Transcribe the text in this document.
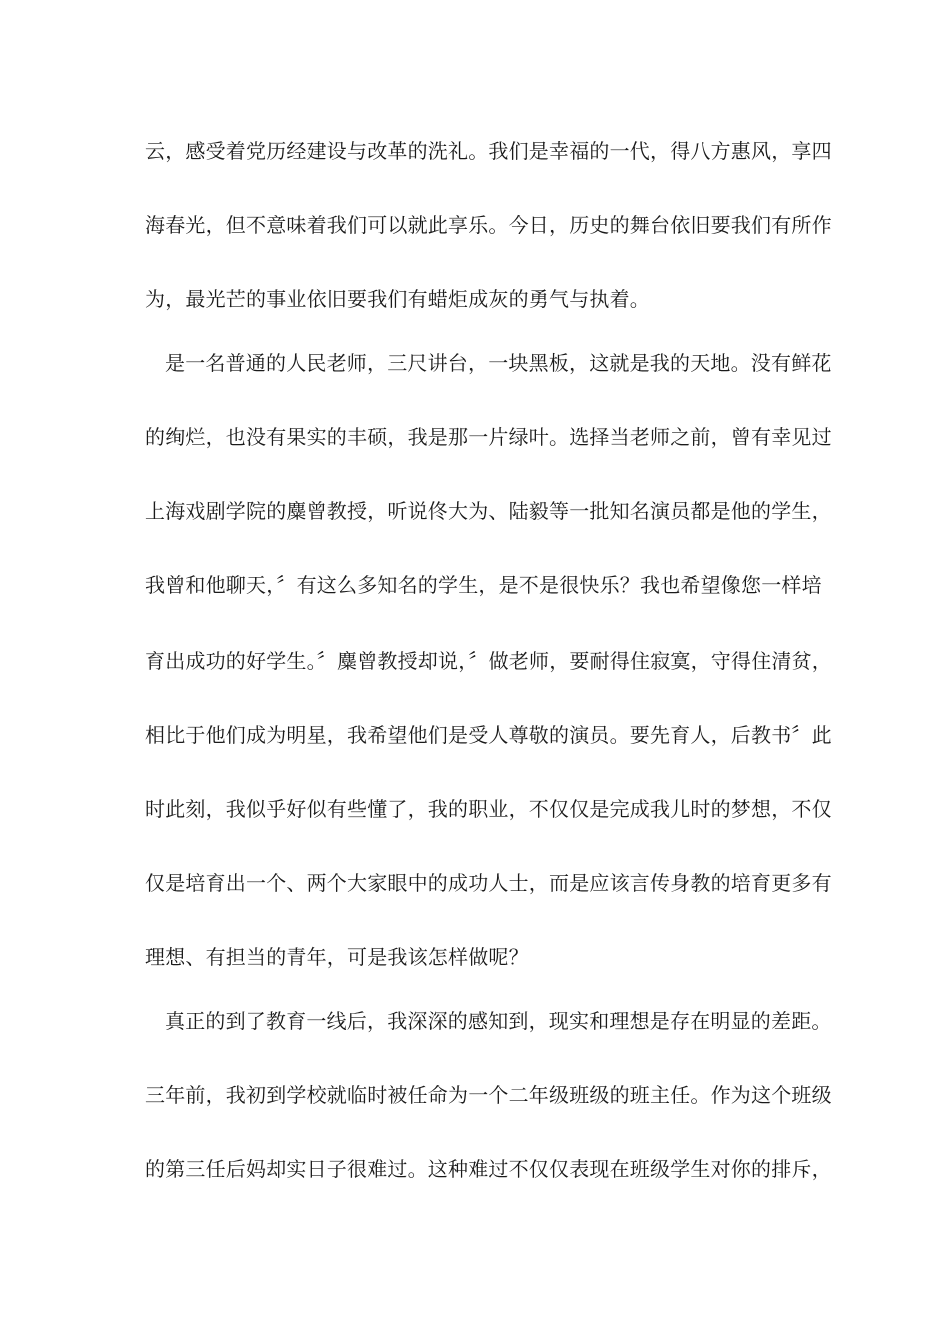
云，感受着党历经建设与改革的洗礼。我们是幸福的一代，得八方惠风，享四
海春光，但不意味着我们可以就此享乐。今日，历史的舞台依旧要我们有所作
为，最光芒的事业依旧要我们有蜡炬成灰的勇气与执着。
是一名普通的人民老师，三尺讲台，一块黑板，这就是我的天地。没有鲜花
的绚烂，也没有果实的丰硕，我是那一片绿叶。选择当老师之前，曾有幸见过
上海戏剧学院的麋曾教授，听说佟大为、陆毅等一批知名演员都是他的学生，
我曾和他聊天，〞有这么多知名的学生，是不是很快乐？我也希望像您一样培
育出成功的好学生。〞麋曾教授却说，〞做老师，要耐得住寂寞，守得住清贫，
相比于他们成为明星，我希望他们是受人尊敬的演员。要先育人，后教书〞此
时此刻，我似乎好似有些懂了，我的职业，不仅仅是完成我儿时的梦想，不仅
仅是培育出一个、两个大家眼中的成功人士，而是应该言传身教的培育更多有
理想、有担当的青年，可是我该怎样做呢？
真正的到了教育一线后，我深深的感知到，现实和理想是存在明显的差距。
三年前，我初到学校就临时被任命为一个二年级班级的班主任。作为这个班级
的第三任后妈却实日子很难过。这种难过不仅仅表现在班级学生对你的排斥，
